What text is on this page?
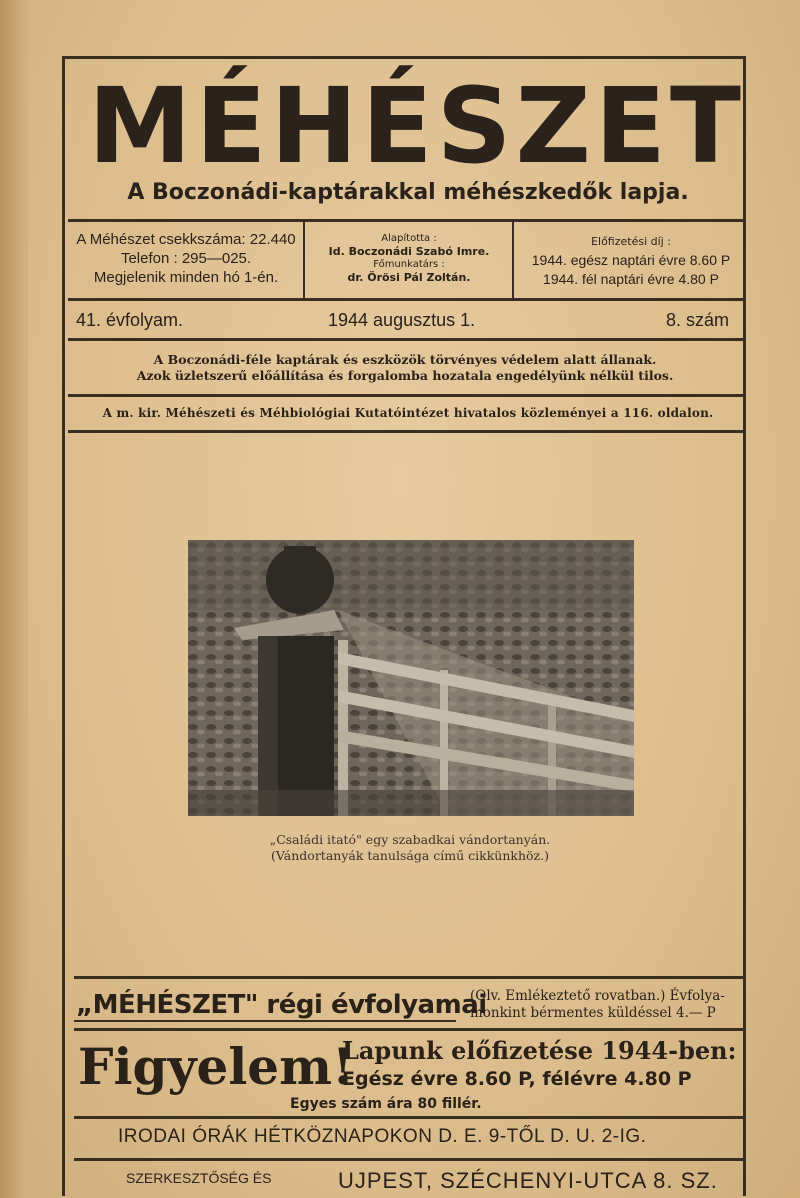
MÉHÉSZET
A Boczonádi-kaptárakkal méhészkedők lapja.
A Méhészet csekkszáma: 22.440
Telefon : 295—025.
Megjelenik minden hó 1-én.
Alapította :
Id. Boczonádi Szabó Imre.
Főmunkatárs :
dr. Örösi Pál Zoltán.
Előfizetési díj :
1944. egész naptári évre 8.60 P
1944. fél naptári évre 4.80 P
41. évfolyam.	1944 augusztus 1.	8. szám
A Boczonádi-féle kaptárak és eszközök törvényes védelem alatt állanak.
Azok üzletszerű előállítása és forgalomba hozatala engedélyünk nélkül tilos.
A m. kir. Méhészeti és Méhbiológiai Kutatóintézet hivatalos közleményei a 116. oldalon.
„Családi itató" egy szabadkai vándortanyán.
(Vándortanyák tanulsága című cikkünkhöz.)
„MÉHÉSZET" régi évfolyamai
(Olv. Emlékeztető rovatban.) Évfolya-
monkint bérmentes küldéssel 4.— P
Figyelem!
Lapunk előfizetése 1944-ben:
Egész évre 8.60 P, félévre 4.80 P
Egyes szám ára 80 fillér.
IRODAI ÓRÁK HÉTKÖZNAPOKON D. E. 9-TŐL D. U. 2-IG.
SZERKESZTŐSÉG ÉS	UJPEST, SZÉCHENYI-UTCA 8. SZ.
